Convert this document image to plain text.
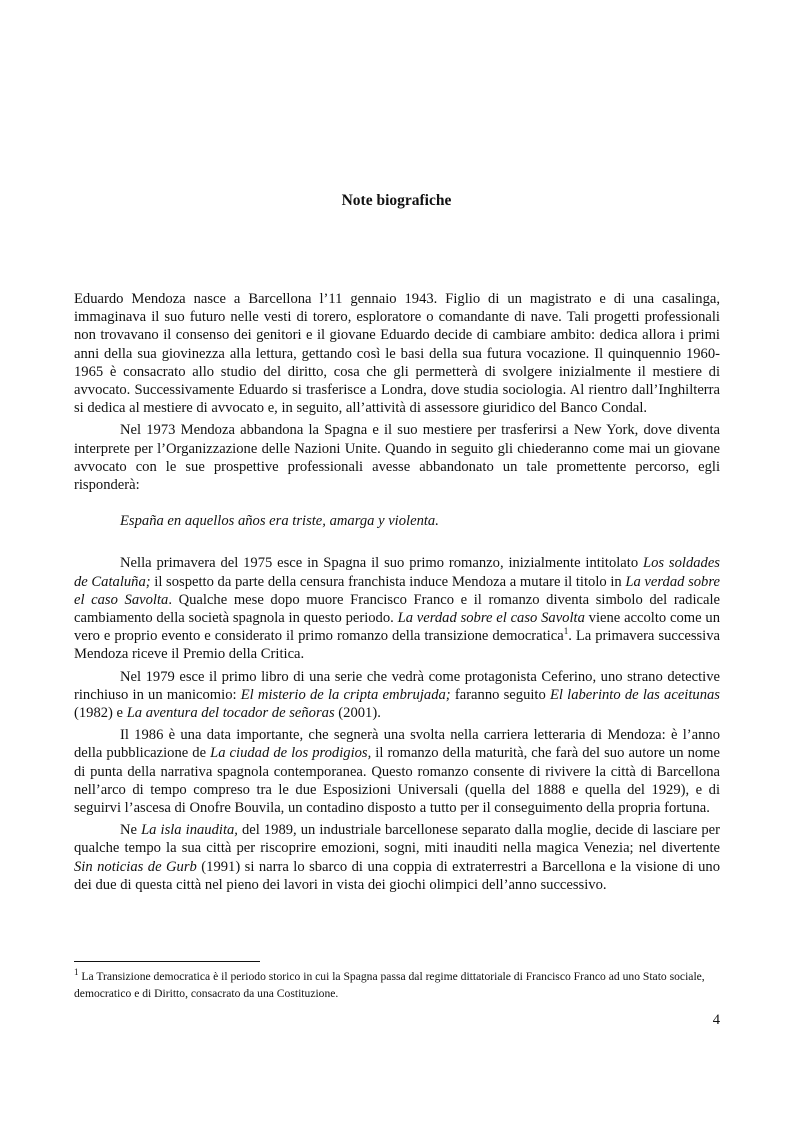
Note biografiche

Eduardo Mendoza nasce a Barcellona l’11 gennaio 1943. Figlio di un magistrato e di una casalinga, immaginava il suo futuro nelle vesti di torero, esploratore o comandante di nave. Tali progetti professionali non trovavano il consenso dei genitori e il giovane Eduardo decide di cambiare ambito: dedica allora i primi anni della sua giovinezza alla lettura, gettando così le basi della sua futura vocazione. Il quinquennio 1960-1965 è consacrato allo studio del diritto, cosa che gli permetterà di svolgere inizialmente il mestiere di avvocato. Successivamente Eduardo si trasferisce a Londra, dove studia sociologia. Al rientro dall’Inghilterra si dedica al mestiere di avvocato e, in seguito, all’attività di assessore giuridico del Banco Condal.

Nel 1973 Mendoza abbandona la Spagna e il suo mestiere per trasferirsi a New York, dove diventa interprete per l’Organizzazione delle Nazioni Unite. Quando in seguito gli chiederanno come mai un giovane avvocato con le sue prospettive professionali avesse abbandonato un tale promettente percorso, egli risponderà:

España en aquellos años era triste, amarga y violenta.

Nella primavera del 1975 esce in Spagna il suo primo romanzo, inizialmente intitolato Los soldades de Cataluña; il sospetto da parte della censura franchista induce Mendoza a mutare il titolo in La verdad sobre el caso Savolta. Qualche mese dopo muore Francisco Franco e il romanzo diventa simbolo del radicale cambiamento della società spagnola in questo periodo. La verdad sobre el caso Savolta viene accolto come un vero e proprio evento e considerato il primo romanzo della transizione democratica$^1$. La primavera successiva Mendoza riceve il Premio della Critica.

Nel 1979 esce il primo libro di una serie che vedrà come protagonista Ceferino, uno strano detective rinchiuso in un manicomio: El misterio de la cripta embrujada; faranno seguito El laberinto de las aceitunas (1982) e La aventura del tocador de señoras (2001).

Il 1986 è una data importante, che segnerà una svolta nella carriera letteraria di Mendoza: è l’anno della pubblicazione de La ciudad de los prodigios, il romanzo della maturità, che farà del suo autore un nome di punta della narrativa spagnola contemporanea. Questo romanzo consente di rivivere la città di Barcellona nell’arco di tempo compreso tra le due Esposizioni Universali (quella del 1888 e quella del 1929), e di seguirvi l’ascesa di Onofre Bouvila, un contadino disposto a tutto per il conseguimento della propria fortuna.

Ne La isla inaudita, del 1989, un industriale barcellonese separato dalla moglie, decide di lasciare per qualche tempo la sua città per riscoprire emozioni, sogni, miti inauditi nella magica Venezia; nel divertente Sin noticias de Gurb (1991) si narra lo sbarco di una coppia di extraterrestri a Barcellona e la visione di uno dei due di questa città nel pieno dei lavori in vista dei giochi olimpici dell’anno successivo.

$^1$ La Transizione democratica è il periodo storico in cui la Spagna passa dal regime dittatoriale di Francisco Franco ad uno Stato sociale, democratico e di Diritto, consacrato da una Costituzione.
4
